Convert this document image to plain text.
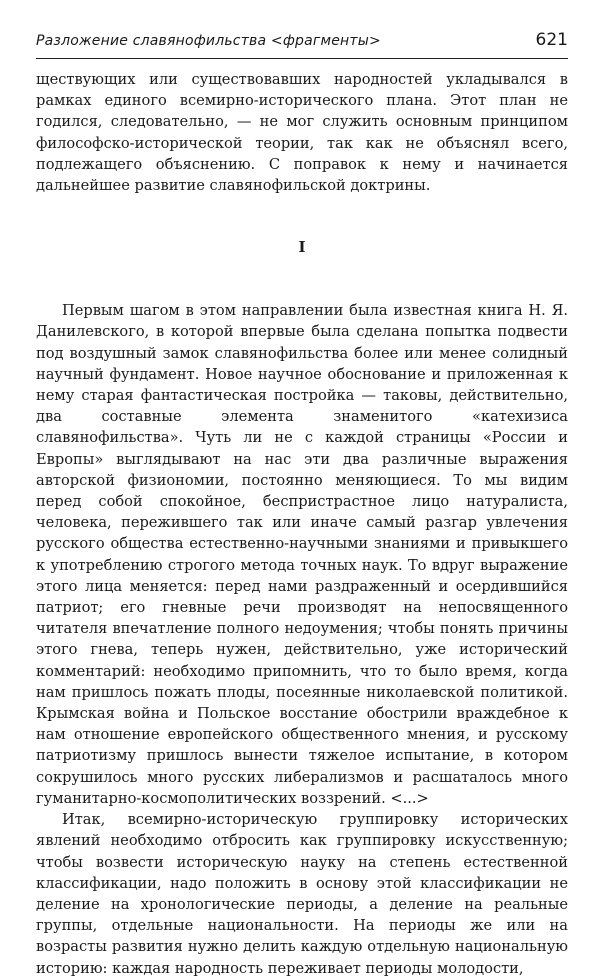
Разложение славянофильства <фрагменты>	621

ществующих или существовавших народностей укладывался в рамках единого всемирно-исторического плана. Этот план не годился, следовательно, — не мог служить основным принципом философско-исторической теории, так как не объяснял всего, подлежащего объяснению. С поправок к нему и начинается дальнейшее развитие славянофильской доктрины.

I

Первым шагом в этом направлении была известная книга Н. Я. Данилевского, в которой впервые была сделана попытка подвести под воздушный замок славянофильства более или менее солидный научный фундамент. Новое научное обоснование и приложенная к нему старая фантастическая постройка — таковы, действительно, два составные элемента знаменитого «катехизиса славянофильства». Чуть ли не с каждой страницы «России и Европы» выглядывают на нас эти два различные выражения авторской физиономии, постоянно меняющиеся. То мы видим перед собой спокойное, беспристрастное лицо натуралиста, человека, пережившего так или иначе самый разгар увлечения русского общества естественно-научными знаниями и привыкшего к употреблению строгого метода точных наук. То вдруг выражение этого лица меняется: перед нами раздраженный и осердившийся патриот; его гневные речи производят на непосвященного читателя впечатление полного недоумения; чтобы понять причины этого гнева, теперь нужен, действительно, уже исторический комментарий: необходимо припомнить, что то было время, когда нам пришлось пожать плоды, посеянные николаевской политикой. Крымская война и Польское восстание обострили враждебное к нам отношение европейского общественного мнения, и русскому патриотизму пришлось вынести тяжелое испытание, в котором сокрушилось много русских либерализмов и расшаталось много гуманитарно-космополитических воззрений. <...>

Итак, всемирно-историческую группировку исторических явлений необходимо отбросить как группировку искусственную; чтобы возвести историческую науку на степень естественной классификации, надо положить в основу этой классификации не деление на хронологические периоды, а деление на реальные группы, отдельные национальности. На периоды же или на возрасты развития нужно делить каждую отдельную национальную историю: каждая народность переживает периоды молодости,
